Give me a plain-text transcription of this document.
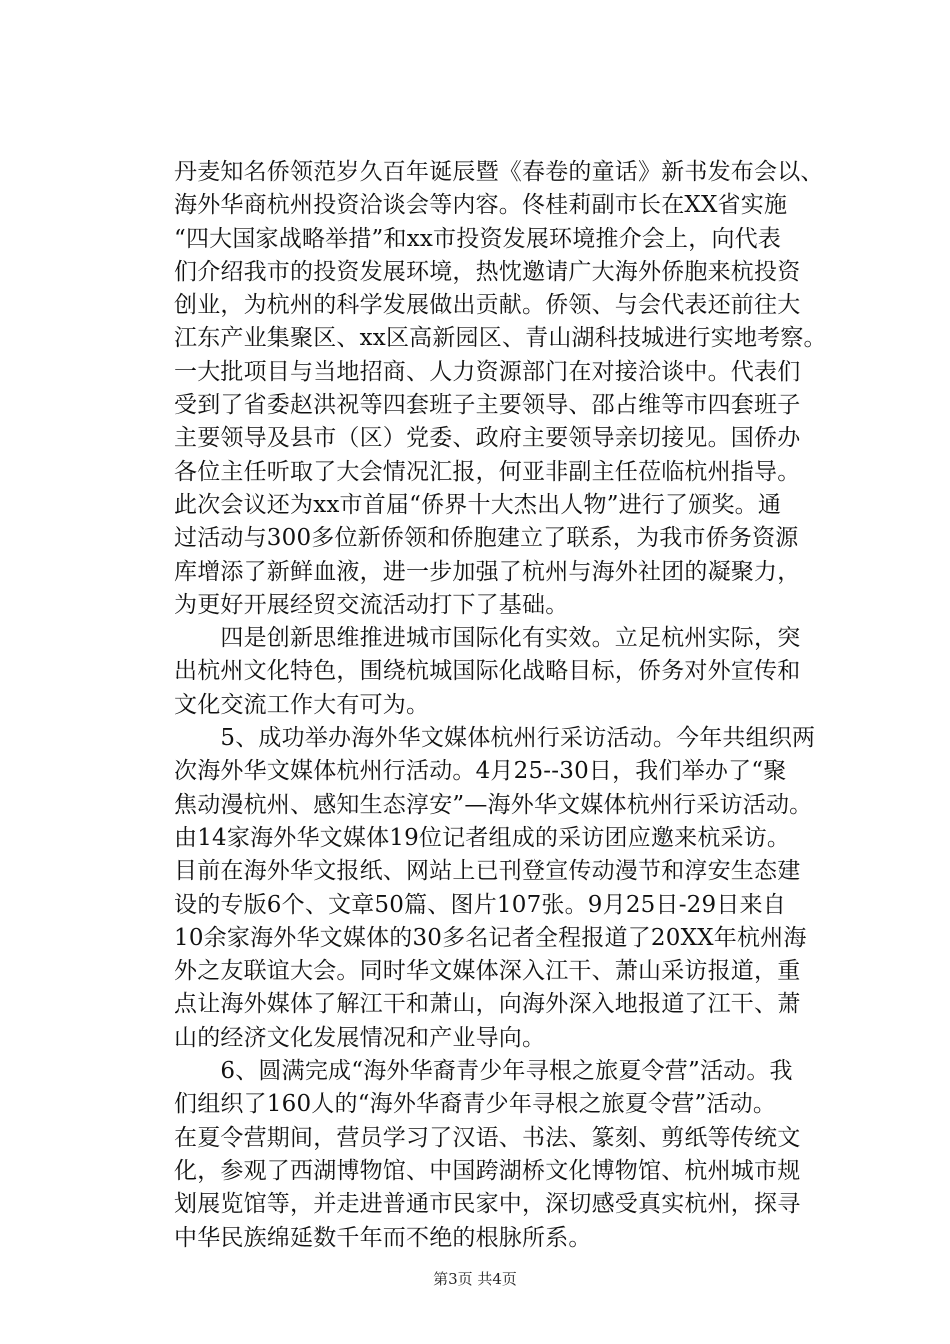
丹麦知名侨领范岁久百年诞辰暨《春卷的童话》新书发布会以、
海外华商杭州投资洽谈会等内容。佟桂莉副市长在XX省实施
“四大国家战略举措”和xx市投资发展环境推介会上，向代表
们介绍我市的投资发展环境，热忱邀请广大海外侨胞来杭投资
创业，为杭州的科学发展做出贡献。侨领、与会代表还前往大
江东产业集聚区、xx区高新园区、青山湖科技城进行实地考察。
一大批项目与当地招商、人力资源部门在对接洽谈中。代表们
受到了省委赵洪祝等四套班子主要领导、邵占维等市四套班子
主要领导及县市（区）党委、政府主要领导亲切接见。国侨办
各位主任听取了大会情况汇报，何亚非副主任莅临杭州指导。
此次会议还为xx市首届“侨界十大杰出人物”进行了颁奖。通
过活动与300多位新侨领和侨胞建立了联系，为我市侨务资源
库增添了新鲜血液，进一步加强了杭州与海外社团的凝聚力，
为更好开展经贸交流活动打下了基础。
　　四是创新思维推进城市国际化有实效。立足杭州实际，突
出杭州文化特色，围绕杭城国际化战略目标，侨务对外宣传和
文化交流工作大有可为。
　　5、成功举办海外华文媒体杭州行采访活动。今年共组织两
次海外华文媒体杭州行活动。4月25--30日，我们举办了“聚
焦动漫杭州、感知生态淳安”—海外华文媒体杭州行采访活动。
由14家海外华文媒体19位记者组成的采访团应邀来杭采访。
目前在海外华文报纸、网站上已刊登宣传动漫节和淳安生态建
设的专版6个、文章50篇、图片107张。9月25日-29日来自
10余家海外华文媒体的30多名记者全程报道了20XX年杭州海
外之友联谊大会。同时华文媒体深入江干、萧山采访报道，重
点让海外媒体了解江干和萧山，向海外深入地报道了江干、萧
山的经济文化发展情况和产业导向。
　　6、圆满完成“海外华裔青少年寻根之旅夏令营”活动。我
们组织了160人的“海外华裔青少年寻根之旅夏令营”活动。
在夏令营期间，营员学习了汉语、书法、篆刻、剪纸等传统文
化，参观了西湖博物馆、中国跨湖桥文化博物馆、杭州城市规
划展览馆等，并走进普通市民家中，深切感受真实杭州，探寻
中华民族绵延数千年而不绝的根脉所系。
第3页 共4页
